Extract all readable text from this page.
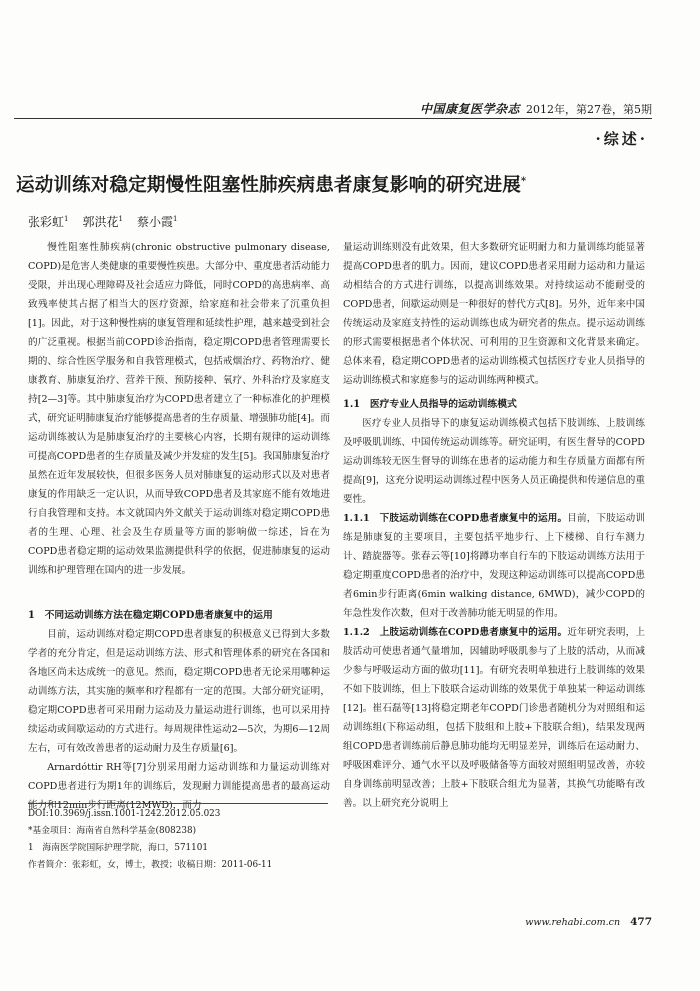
中国康复医学杂志 2012年，第27卷，第5期
·综述·
运动训练对稳定期慢性阻塞性肺疾病患者康复影响的研究进展*
张彩虹$^1$ 郭洪花$^1$ 蔡小霞$^1$

慢性阻塞性肺疾病(chronic obstructive pulmonary disease, COPD)是危害人类健康的重要慢性疾患。大部分中、重度患者活动能力受限，并出现心理障碍及社会适应力降低，同时COPD的高患病率、高致残率使其占据了相当大的医疗资源，给家庭和社会带来了沉重负担[1]。因此，对于这种慢性病的康复管理和延续性护理，越来越受到社会的广泛重视。根据当前COPD诊治指南，稳定期COPD患者管理需要长期的、综合性医学服务和自我管理模式，包括戒烟治疗、药物治疗、健康教育、肺康复治疗、营养干预、预防接种、氧疗、外科治疗及家庭支持[2—3]等。其中肺康复治疗为COPD患者建立了一种标准化的护理模式，研究证明肺康复治疗能够提高患者的生存质量、增强肺功能[4]。而运动训练被认为是肺康复治疗的主要核心内容，长期有规律的运动训练可提高COPD患者的生存质量及减少并发症的发生[5]。我国肺康复治疗虽然在近年发展较快，但很多医务人员对肺康复的运动形式以及对患者康复的作用缺乏一定认识，从而导致COPD患者及其家庭不能有效地进行自我管理和支持。本文就国内外文献关于运动训练对稳定期COPD患者的生理、心理、社会及生存质量等方面的影响做一综述，旨在为COPD患者稳定期的运动效果监测提供科学的依据，促进肺康复的运动训练和护理管理在国内的进一步发展。

1　不同运动训练方法在稳定期COPD患者康复中的运用

目前，运动训练对稳定期COPD患者康复的积极意义已得到大多数学者的充分肯定，但是运动训练方法、形式和管理体系的研究在各国和各地区尚未达成统一的意见。然而，稳定期COPD患者无论采用哪种运动训练方法，其实施的频率和疗程都有一定的范围。大部分研究证明，稳定期COPD患者可采用耐力运动及力量运动进行训练，也可以采用持续运动或间歇运动的方式进行。每周规律性运动2—5次，为期6—12周左右，可有效改善患者的运动耐力及生存质量[6]。

Arnardóttir RH等[7]分别采用耐力运动训练和力量运动训练对COPD患者进行为期1年的训练后，发现耐力训能提高患者的最高运动能力和12min步行距离(12MWD)，而力

量运动训练则没有此效果，但大多数研究证明耐力和力量训练均能显著提高COPD患者的肌力。因而，建议COPD患者采用耐力运动和力量运动相结合的方式进行训练，以提高训练效果。对持续运动不能耐受的COPD患者，间歇运动则是一种很好的替代方式[8]。另外，近年来中国传统运动及家庭支持性的运动训练也成为研究者的焦点。提示运动训练的形式需要根据患者个体状况、可利用的卫生资源和文化背景来确定。总体来看，稳定期COPD患者的运动训练模式包括医疗专业人员指导的运动训练模式和家庭参与的运动训练两种模式。

1.1　医疗专业人员指导的运动训练模式

医疗专业人员指导下的康复运动训练模式包括下肢训练、上肢训练及呼吸肌训练、中国传统运动训练等。研究证明，有医生督导的COPD运动训练较无医生督导的训练在患者的运动能力和生存质量方面都有所提高[9]，这充分说明运动训练过程中医务人员正确提供和传递信息的重要性。

1.1.1　下肢运动训练在COPD患者康复中的运用。目前，下肢运动训练是肺康复的主要项目，主要包括平地步行、上下楼梯、自行车测力计、踏旋器等。张春云等[10]将蹲功率自行车的下肢运动训练方法用于稳定期重度COPD患者的治疗中，发现这种运动训练可以提高COPD患者6min步行距离(6min walking distance, 6MWD)，减少COPD的年急性发作次数，但对于改善肺功能无明显的作用。

1.1.2　上肢运动训练在COPD患者康复中的运用。近年研究表明，上肢活动可使患者通气量增加，因辅助呼吸肌参与了上肢的活动，从而减少参与呼吸运动方面的做功[11]。有研究表明单独进行上肢训练的效果不如下肢训练，但上下肢联合运动训练的效果优于单独某一种运动训练[12]。崔石磊等[13]将稳定期老年COPD门诊患者随机分为对照组和运动训练组(下称运动组，包括下肢组和上肢+下肢联合组)，结果发现两组COPD患者训练前后静息肺功能均无明显差异，训练后在运动耐力、呼吸困难评分、通气水平以及呼吸储备等方面较对照组明显改善，亦较自身训练前明显改善；上肢+下肢联合组尤为显著，其换气功能略有改善。以上研究充分说明上

DOI:10.3969/j.issn.1001-1242.2012.05.023
*基金项目：海南省自然科学基金(808238)
1　海南医学院国际护理学院，海口，571101
作者简介：张彩虹，女，博士，教授；收稿日期：2011-06-11
www.rehabi.com.cn 477
